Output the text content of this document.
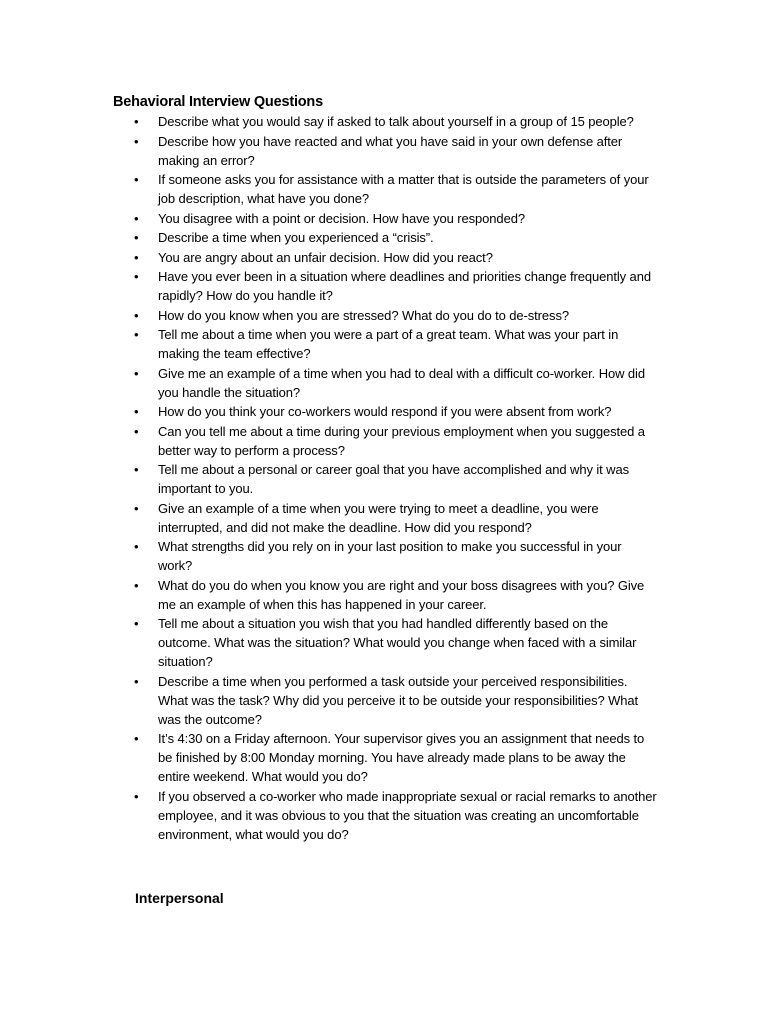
Behavioral Interview Questions
• Describe what you would say if asked to talk about yourself in a group of 15 people?
• Describe how you have reacted and what you have said in your own defense after making an error?
• If someone asks you for assistance with a matter that is outside the parameters of your job description, what have you done?
• You disagree with a point or decision. How have you responded?
• Describe a time when you experienced a “crisis”.
• You are angry about an unfair decision. How did you react?
• Have you ever been in a situation where deadlines and priorities change frequently and rapidly? How do you handle it?
• How do you know when you are stressed? What do you do to de-stress?
• Tell me about a time when you were a part of a great team. What was your part in making the team effective?
• Give me an example of a time when you had to deal with a difficult co-worker. How did you handle the situation?
• How do you think your co-workers would respond if you were absent from work?
• Can you tell me about a time during your previous employment when you suggested a better way to perform a process?
• Tell me about a personal or career goal that you have accomplished and why it was important to you.
• Give an example of a time when you were trying to meet a deadline, you were interrupted, and did not make the deadline. How did you respond?
• What strengths did you rely on in your last position to make you successful in your work?
• What do you do when you know you are right and your boss disagrees with you? Give me an example of when this has happened in your career.
• Tell me about a situation you wish that you had handled differently based on the outcome. What was the situation? What would you change when faced with a similar situation?
• Describe a time when you performed a task outside your perceived responsibilities. What was the task? Why did you perceive it to be outside your responsibilities? What was the outcome?
• It’s 4:30 on a Friday afternoon. Your supervisor gives you an assignment that needs to be finished by 8:00 Monday morning. You have already made plans to be away the entire weekend. What would you do?
• If you observed a co-worker who made inappropriate sexual or racial remarks to another employee, and it was obvious to you that the situation was creating an uncomfortable environment, what would you do?
Interpersonal
